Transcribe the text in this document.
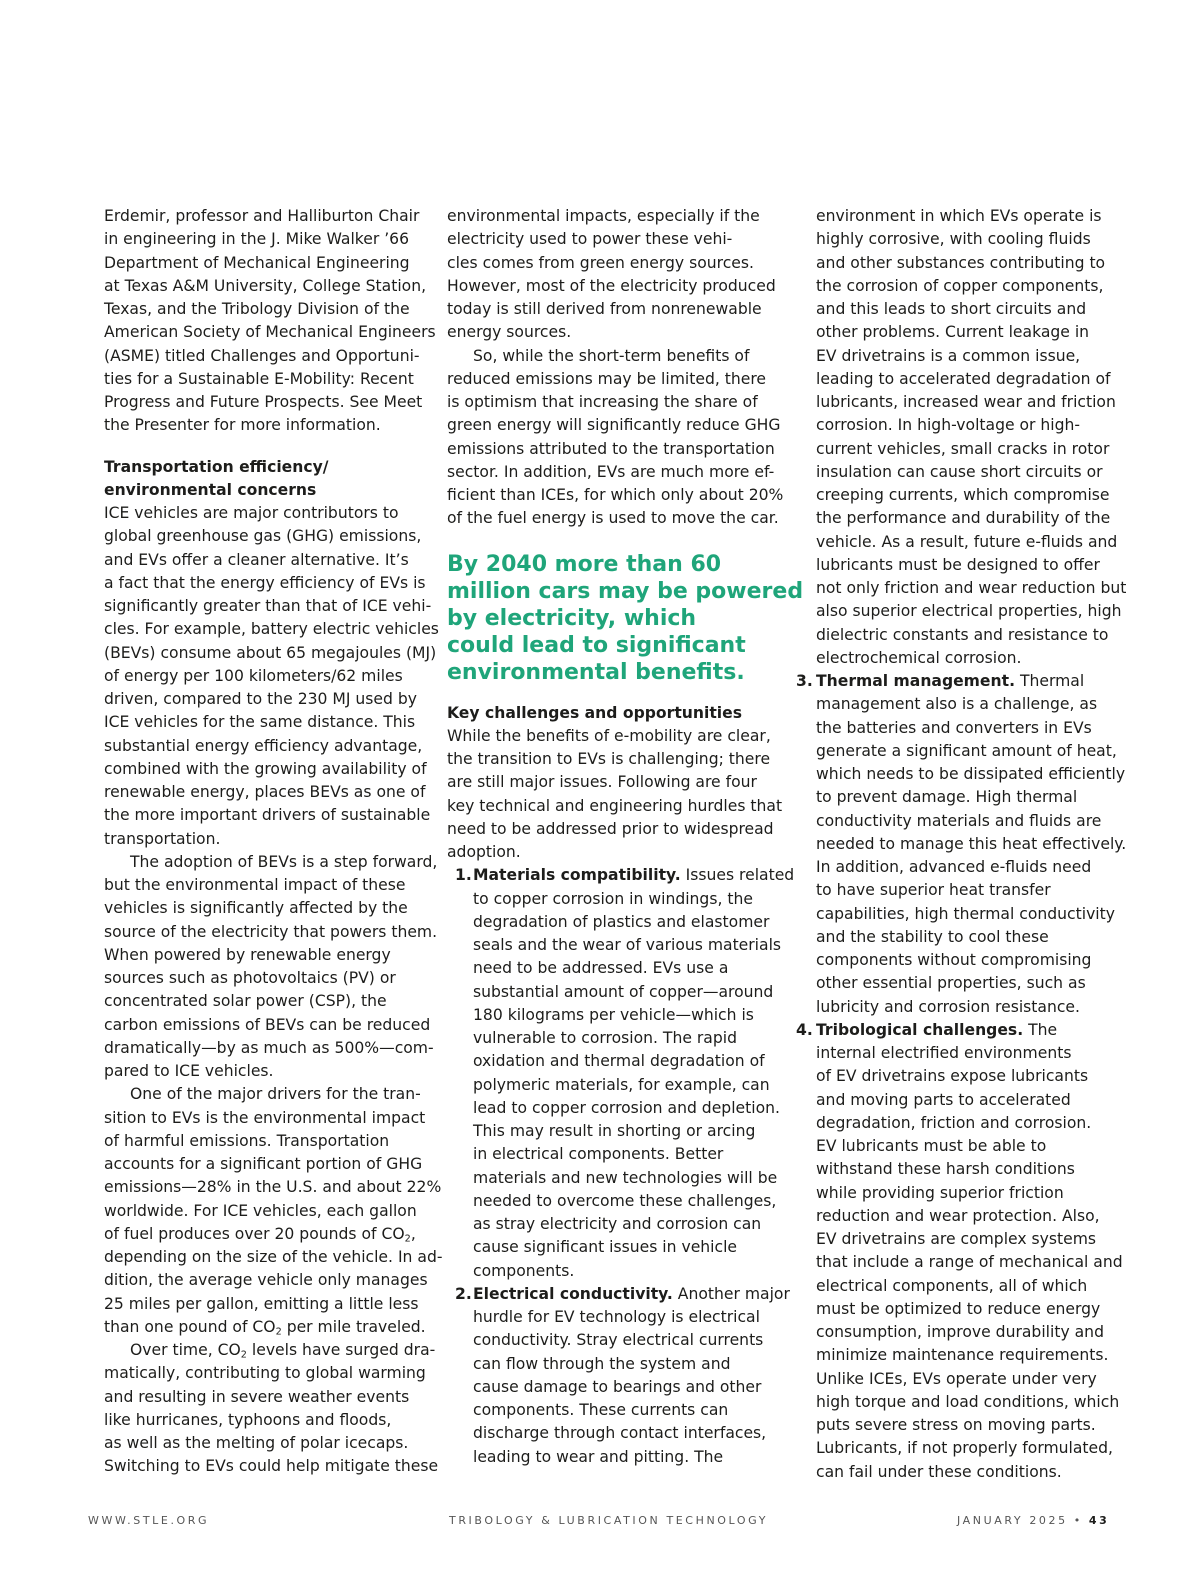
Erdemir, professor and Halliburton Chair
in engineering in the J. Mike Walker ’66
Department of Mechanical Engineering
at Texas A&M University, College Station,
Texas, and the Tribology Division of the
American Society of Mechanical Engineers
(ASME) titled Challenges and Opportuni-
ties for a Sustainable E-Mobility: Recent
Progress and Future Prospects. See Meet
the Presenter for more information.

Transportation efficiency/
environmental concerns

ICE vehicles are major contributors to
global greenhouse gas (GHG) emissions,
and EVs offer a cleaner alternative. It’s
a fact that the energy efficiency of EVs is
significantly greater than that of ICE vehi-
cles. For example, battery electric vehicles
(BEVs) consume about 65 megajoules (MJ)
of energy per 100 kilometers/62 miles
driven, compared to the 230 MJ used by
ICE vehicles for the same distance. This
substantial energy efficiency advantage,
combined with the growing availability of
renewable energy, places BEVs as one of
the more important drivers of sustainable
transportation.

The adoption of BEVs is a step forward,
but the environmental impact of these
vehicles is significantly affected by the
source of the electricity that powers them.
When powered by renewable energy
sources such as photovoltaics (PV) or
concentrated solar power (CSP), the
carbon emissions of BEVs can be reduced
dramatically—by as much as 500%—com-
pared to ICE vehicles.

One of the major drivers for the tran-
sition to EVs is the environmental impact
of harmful emissions. Transportation
accounts for a significant portion of GHG
emissions—28% in the U.S. and about 22%
worldwide. For ICE vehicles, each gallon
of fuel produces over 20 pounds of $CO_2$,
depending on the size of the vehicle. In ad-
dition, the average vehicle only manages
25 miles per gallon, emitting a little less
than one pound of $CO_2$ per mile traveled.

Over time, $CO_2$ levels have surged dra-
matically, contributing to global warming
and resulting in severe weather events
like hurricanes, typhoons and floods,
as well as the melting of polar icecaps.
Switching to EVs could help mitigate these

environmental impacts, especially if the
electricity used to power these vehi-
cles comes from green energy sources.
However, most of the electricity produced
today is still derived from nonrenewable
energy sources.

So, while the short-term benefits of
reduced emissions may be limited, there
is optimism that increasing the share of
green energy will significantly reduce GHG
emissions attributed to the transportation
sector. In addition, EVs are much more ef-
ficient than ICEs, for which only about 20%
of the fuel energy is used to move the car.

By 2040 more than 60
million cars may be powered
by electricity, which
could lead to significant
environmental benefits.

Key challenges and opportunities

While the benefits of e-mobility are clear,
the transition to EVs is challenging; there
are still major issues. Following are four
key technical and engineering hurdles that
need to be addressed prior to widespread
adoption.

1. Materials compatibility. Issues related
to copper corrosion in windings, the
degradation of plastics and elastomer
seals and the wear of various materials
need to be addressed. EVs use a
substantial amount of copper—around
180 kilograms per vehicle—which is
vulnerable to corrosion. The rapid
oxidation and thermal degradation of
polymeric materials, for example, can
lead to copper corrosion and depletion.
This may result in shorting or arcing
in electrical components. Better
materials and new technologies will be
needed to overcome these challenges,
as stray electricity and corrosion can
cause significant issues in vehicle
components.
2. Electrical conductivity. Another major
hurdle for EV technology is electrical
conductivity. Stray electrical currents
can flow through the system and
cause damage to bearings and other
components. These currents can
discharge through contact interfaces,
leading to wear and pitting. The

environment in which EVs operate is
highly corrosive, with cooling fluids
and other substances contributing to
the corrosion of copper components,
and this leads to short circuits and
other problems. Current leakage in
EV drivetrains is a common issue,
leading to accelerated degradation of
lubricants, increased wear and friction
corrosion. In high-voltage or high-
current vehicles, small cracks in rotor
insulation can cause short circuits or
creeping currents, which compromise
the performance and durability of the
vehicle. As a result, future e-fluids and
lubricants must be designed to offer
not only friction and wear reduction but
also superior electrical properties, high
dielectric constants and resistance to
electrochemical corrosion.

3. Thermal management. Thermal
management also is a challenge, as
the batteries and converters in EVs
generate a significant amount of heat,
which needs to be dissipated efficiently
to prevent damage. High thermal
conductivity materials and fluids are
needed to manage this heat effectively.
In addition, advanced e-fluids need
to have superior heat transfer
capabilities, high thermal conductivity
and the stability to cool these
components without compromising
other essential properties, such as
lubricity and corrosion resistance.
4. Tribological challenges. The
internal electrified environments
of EV drivetrains expose lubricants
and moving parts to accelerated
degradation, friction and corrosion.
EV lubricants must be able to
withstand these harsh conditions
while providing superior friction
reduction and wear protection. Also,
EV drivetrains are complex systems
that include a range of mechanical and
electrical components, all of which
must be optimized to reduce energy
consumption, improve durability and
minimize maintenance requirements.
Unlike ICEs, EVs operate under very
high torque and load conditions, which
puts severe stress on moving parts.
Lubricants, if not properly formulated,
can fail under these conditions.
WWW.STLE.ORG	TRIBOLOGY & LUBRICATION TECHNOLOGY	JANUARY 2025 • 43
